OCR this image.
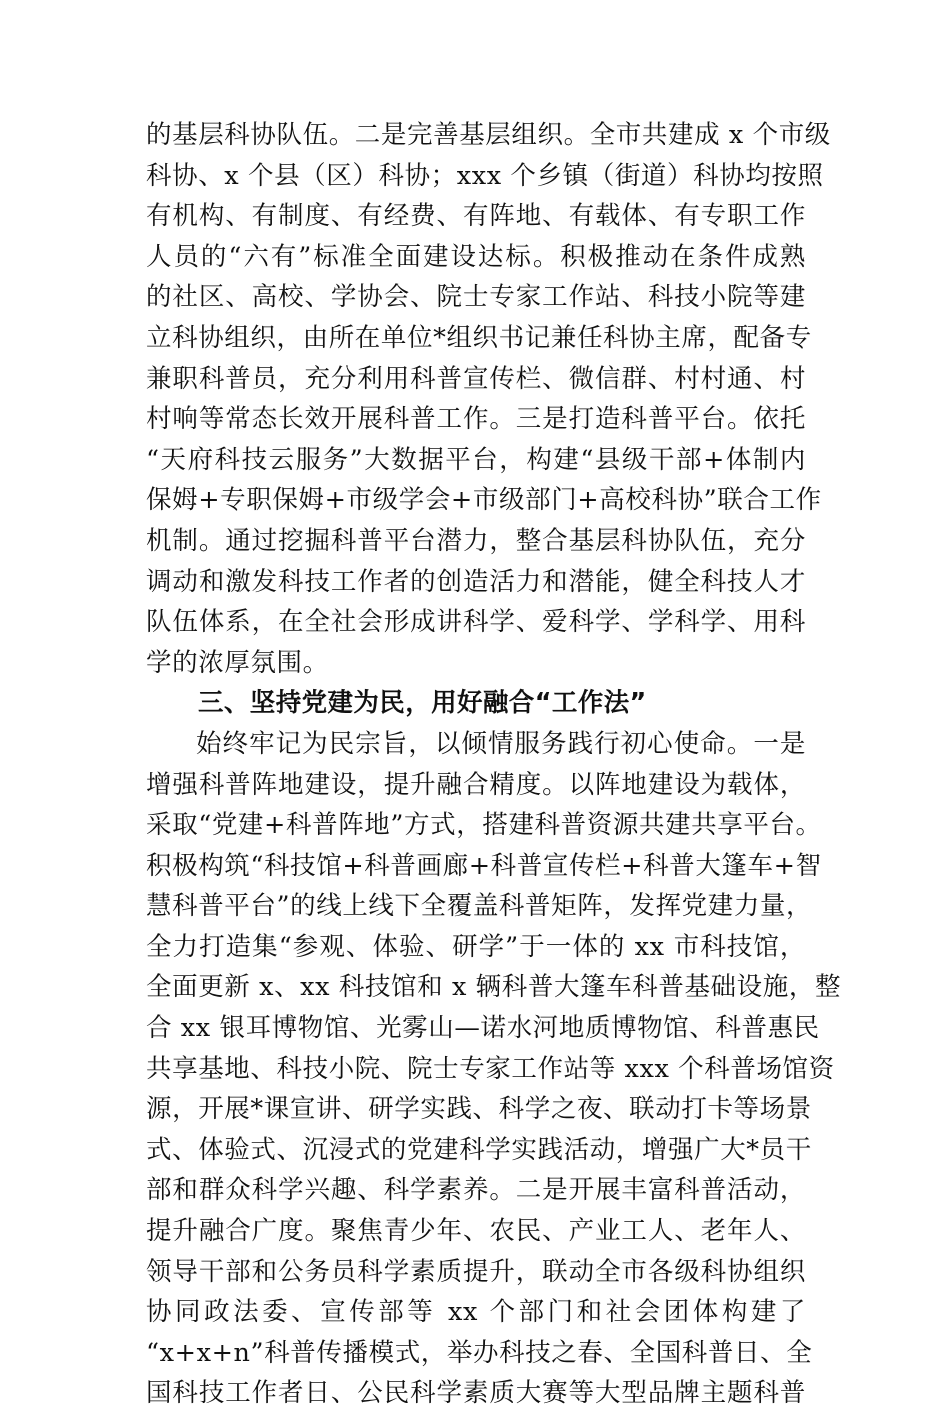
的基层科协队伍。二是完善基层组织。全市共建成 x 个市级
科协、x 个县（区）科协；xxx 个乡镇（街道）科协均按照
有机构、有制度、有经费、有阵地、有载体、有专职工作
人员的“六有”标准全面建设达标。积极推动在条件成熟
的社区、高校、学协会、院士专家工作站、科技小院等建
立科协组织，由所在单位*组织书记兼任科协主席，配备专
兼职科普员，充分利用科普宣传栏、微信群、村村通、村
村响等常态长效开展科普工作。三是打造科普平台。依托
“天府科技云服务”大数据平台，构建“县级干部+体制内
保姆+专职保姆+市级学会+市级部门+高校科协”联合工作
机制。通过挖掘科普平台潜力，整合基层科协队伍，充分
调动和激发科技工作者的创造活力和潜能，健全科技人才
队伍体系，在全社会形成讲科学、爱科学、学科学、用科
学的浓厚氛围。
三、坚持党建为民，用好融合“工作法”
始终牢记为民宗旨，以倾情服务践行初心使命。一是
增强科普阵地建设，提升融合精度。以阵地建设为载体，
采取“党建+科普阵地”方式，搭建科普资源共建共享平台。
积极构筑“科技馆+科普画廊+科普宣传栏+科普大篷车+智
慧科普平台”的线上线下全覆盖科普矩阵，发挥党建力量，
全力打造集“参观、体验、研学”于一体的 xx 市科技馆，
全面更新 x、xx 科技馆和 x 辆科普大篷车科普基础设施，整
合 xx 银耳博物馆、光雾山—诺水河地质博物馆、科普惠民
共享基地、科技小院、院士专家工作站等 xxx 个科普场馆资
源，开展*课宣讲、研学实践、科学之夜、联动打卡等场景
式、体验式、沉浸式的党建科学实践活动，增强广大*员干
部和群众科学兴趣、科学素养。二是开展丰富科普活动，
提升融合广度。聚焦青少年、农民、产业工人、老年人、
领导干部和公务员科学素质提升，联动全市各级科协组织
协同政法委、宣传部等 xx 个部门和社会团体构建了
“x+x+n”科普传播模式，举办科技之春、全国科普日、全
国科技工作者日、公民科学素质大赛等大型品牌主题科普
